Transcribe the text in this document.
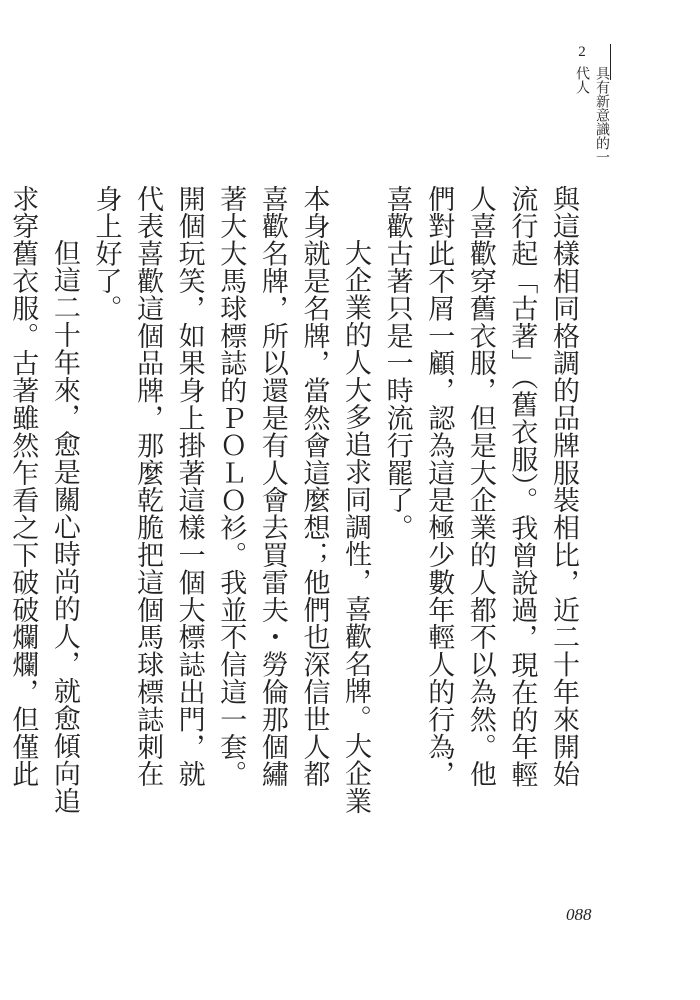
2
具有新意識的一代人

與這樣相同格調的品牌服裝相比，近二十年來開始流行起「古著」（舊衣服）。我曾說過，現在的年輕人喜歡穿舊衣服，但是大企業的人都不以為然。他們對此不屑一顧，認為這是極少數年輕人的行為，喜歡古著只是一時流行罷了。

大企業的人大多追求同調性，喜歡名牌。大企業本身就是名牌，當然會這麼想；他們也深信世人都喜歡名牌，所以還是有人會去買雷夫・勞倫那個繡著大大馬球標誌的ＰＯＬＯ衫。我並不信這一套。開個玩笑，如果身上掛著這樣一個大標誌出門，就代表喜歡這個品牌，那麼乾脆把這個馬球標誌刺在身上好了。

但這二十年來，愈是關心時尚的人，就愈傾向追求穿舊衣服。古著雖然乍看之下破破爛爛，但僅此

088
